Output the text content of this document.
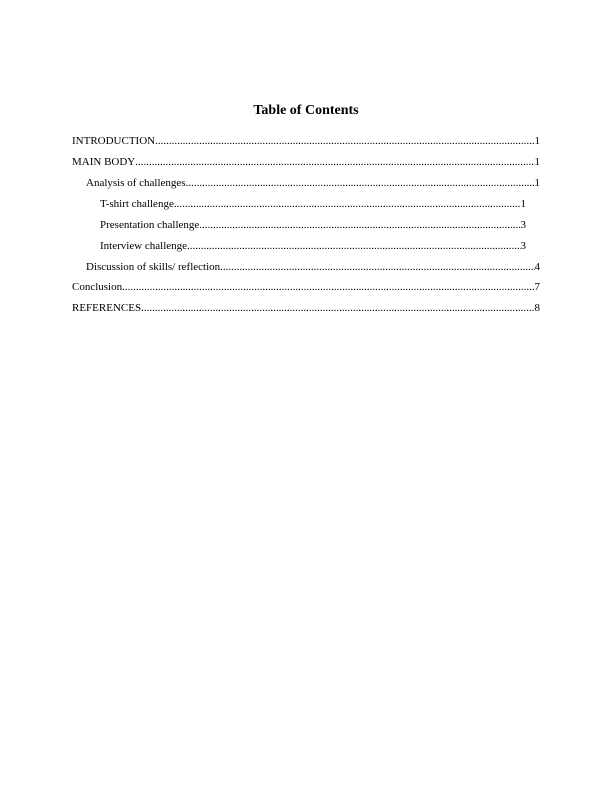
Table of Contents
INTRODUCTION .....	1
MAIN BODY .....	1
Analysis of challenges .....	1
T-shirt challenge .....	1
Presentation challenge .....	3
Interview challenge .....	3
Discussion of skills/ reflection .....	4
Conclusion .....	7
REFERENCES .....	8
